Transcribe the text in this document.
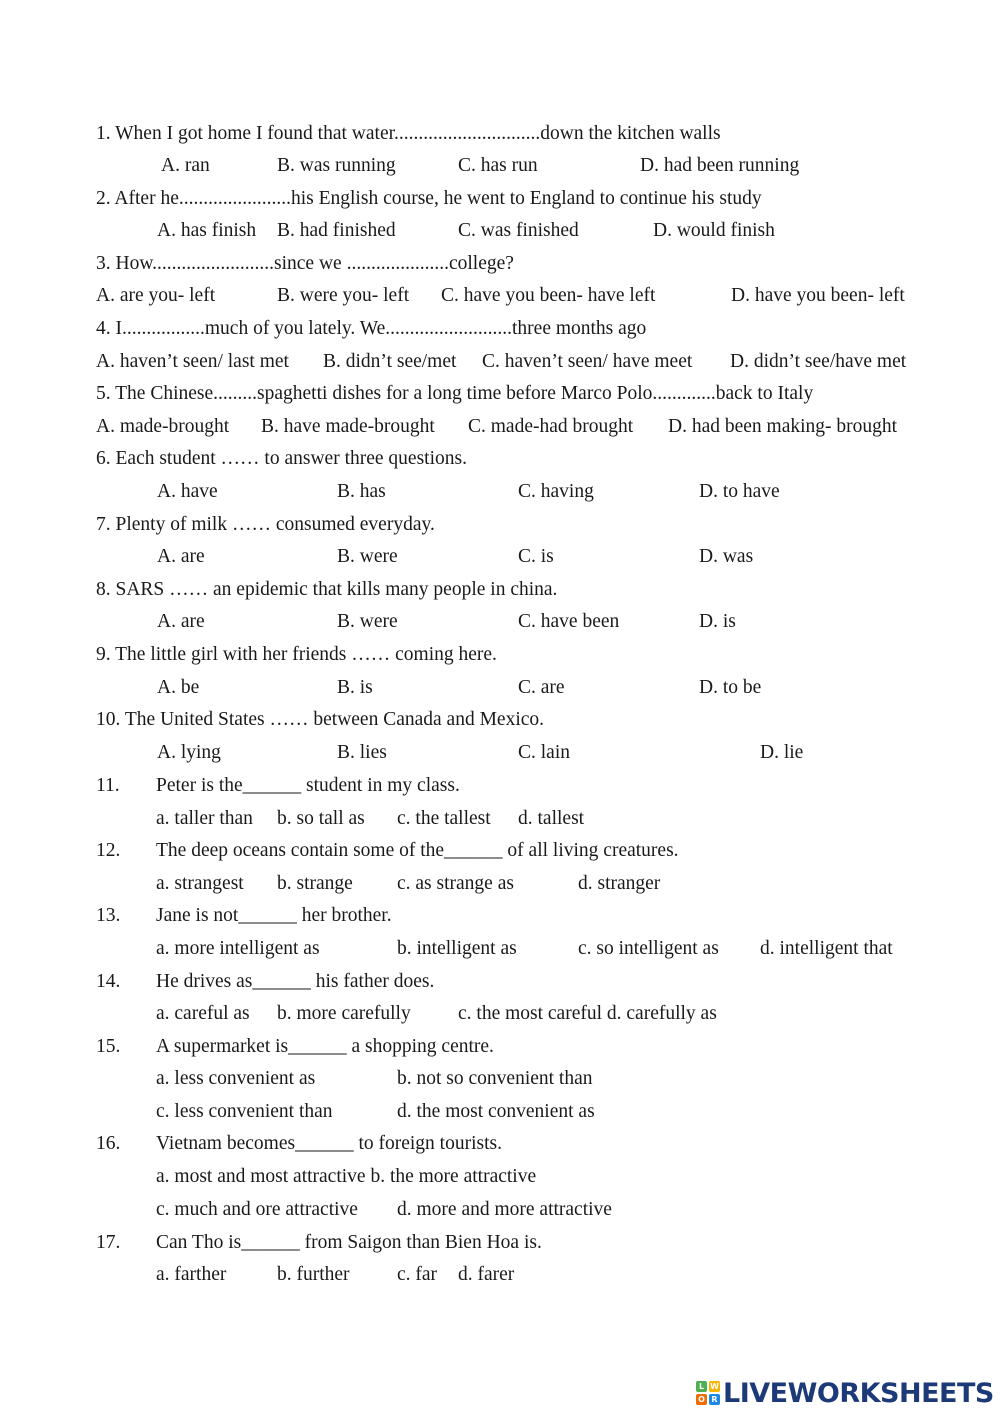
1. When I got home I found that water..............................down the kitchen walls
A. ran	B. was running	C. has run	D. had been running
2. After he.......................his English course, he went to England to continue his study
A. has finish B. had finished	C. was finished	D. would finish
3. How.........................since we .....................college?
A. are you- left	B. were you- left C. have you been- have left	D. have you been- left
4. I.................much of you lately. We..........................three months ago
A. haven’t seen/ last met B. didn’t see/met C. haven’t seen/ have meet D. didn’t see/have met
5. The Chinese.........spaghetti dishes for a long time before Marco Polo.............back to Italy
A. made-brought B. have made-brought C. made-had brought D. had been making- brought
6. Each student …… to answer three questions.
A. have	B. has	C. having	D. to have
7. Plenty of milk …… consumed everyday.
A. are	B. were	C. is	D. was
8. SARS …… an epidemic that kills many people in china.
A. are	B. were	C. have been	D. is
9. The little girl with her friends …… coming here.
A. be	B. is	C. are	D. to be
10. The United States …… between Canada and Mexico.
A. lying	B. lies	C. lain	D. lie
11. Peter is the______ student in my class.
a. taller than b. so tall as c. the tallest d. tallest
12. The deep oceans contain some of the______ of all living creatures.
a. strangest b. strange c. as strange as	d. stranger
13. Jane is not______ her brother.
a. more intelligent as	b. intelligent as	c. so intelligent as d. intelligent that
14. He drives as______ his father does.
a. careful as b. more carefully c. the most careful d. carefully as
15. A supermarket is______ a shopping centre.
a. less convenient as	b. not so convenient than
c. less convenient than	d. the most convenient as
16. Vietnam becomes______ to foreign tourists.
a. most and most attractive b. the more attractive
c. much and ore attractive d. more and more attractive
17. Can Tho is______ from Saigon than Bien Hoa is.
a. farther	b. further c. far d. farer
L W
O R LIVEWORKSHEETS
